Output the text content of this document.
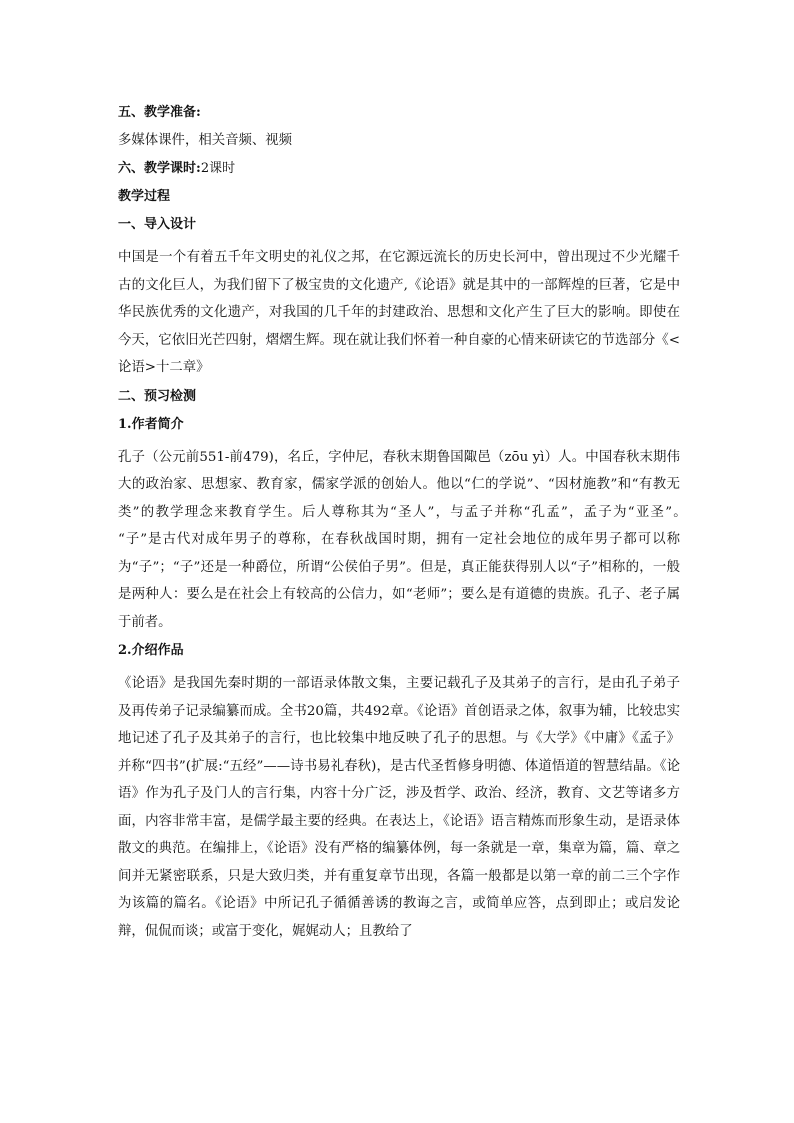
五、教学准备:
多媒体课件，相关音频、视频
六、教学课时:2课时
教学过程
一、导入设计
中国是一个有着五千年文明史的礼仪之邦，在它源远流长的历史长河中，曾出现过不少光耀千古的文化巨人，为我们留下了极宝贵的文化遗产,《论语》就是其中的一部辉煌的巨著，它是中华民族优秀的文化遗产，对我国的几千年的封建政治、思想和文化产生了巨大的影响。即使在今天，它依旧光芒四射，熠熠生辉。现在就让我们怀着一种自豪的心情来研读它的节选部分《<论语>十二章》
二、预习检测
1.作者简介
孔子（公元前551-前479)，名丘，字仲尼，春秋末期鲁国陬邑（zōu yì）人。中国春秋末期伟大的政治家、思想家、教育家，儒家学派的创始人。他以“仁的学说”、“因材施教”和“有教无类”的教学理念来教育学生。后人尊称其为“圣人”，与孟子并称“孔孟”，孟子为“亚圣”。　“子”是古代对成年男子的尊称，在春秋战国时期，拥有一定社会地位的成年男子都可以称为“子”；“子”还是一种爵位，所谓“公侯伯子男”。但是，真正能获得别人以“子”相称的，一般是两种人：要么是在社会上有较高的公信力，如“老师”；要么是有道德的贵族。孔子、老子属于前者。
2.介绍作品
《论语》是我国先秦时期的一部语录体散文集，主要记载孔子及其弟子的言行，是由孔子弟子及再传弟子记录编纂而成。全书20篇，共492章。《论语》首创语录之体，叙事为辅，比较忠实地记述了孔子及其弟子的言行，也比较集中地反映了孔子的思想。与《大学》《中庸》《孟子》并称“四书”(扩展:“五经”——诗书易礼春秋)，是古代圣哲修身明德、体道悟道的智慧结晶。《论语》作为孔子及门人的言行集，内容十分广泛，涉及哲学、政治、经济，教育、文艺等诸多方面，内容非常丰富，是儒学最主要的经典。在表达上，《论语》语言精炼而形象生动，是语录体散文的典范。在编排上，《论语》没有严格的编纂体例，每一条就是一章，集章为篇，篇、章之间并无紧密联系，只是大致归类，并有重复章节出现，各篇一般都是以第一章的前二三个字作为该篇的篇名。《论语》中所记孔子循循善诱的教诲之言，或简单应答，点到即止；或启发论辩，侃侃而谈；或富于变化，娓娓动人；且教给了
